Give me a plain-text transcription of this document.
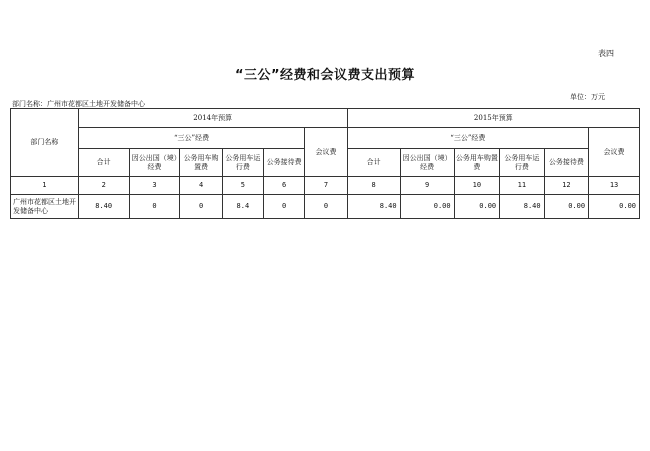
表四
“三公”经费和会议费支出预算
单位：万元
部门名称：广州市花都区土地开发储备中心
部门名称	2014年预算						2015年预算					
	“三公”经费					会议费	“三公”经费					会议费
	合计	因公出国（境）经费	公务用车购置费	公务用车运行费	公务接待费		合计	因公出国（境）经费	公务用车购置费	公务用车运行费	公务接待费	
1	2	3	4	5	6	7	8	9	10	11	12	13
广州市花都区土地开发储备中心	8.40	0	0	8.4	0	0	8.40	0.00	0.00	8.40	0.00	0.00
